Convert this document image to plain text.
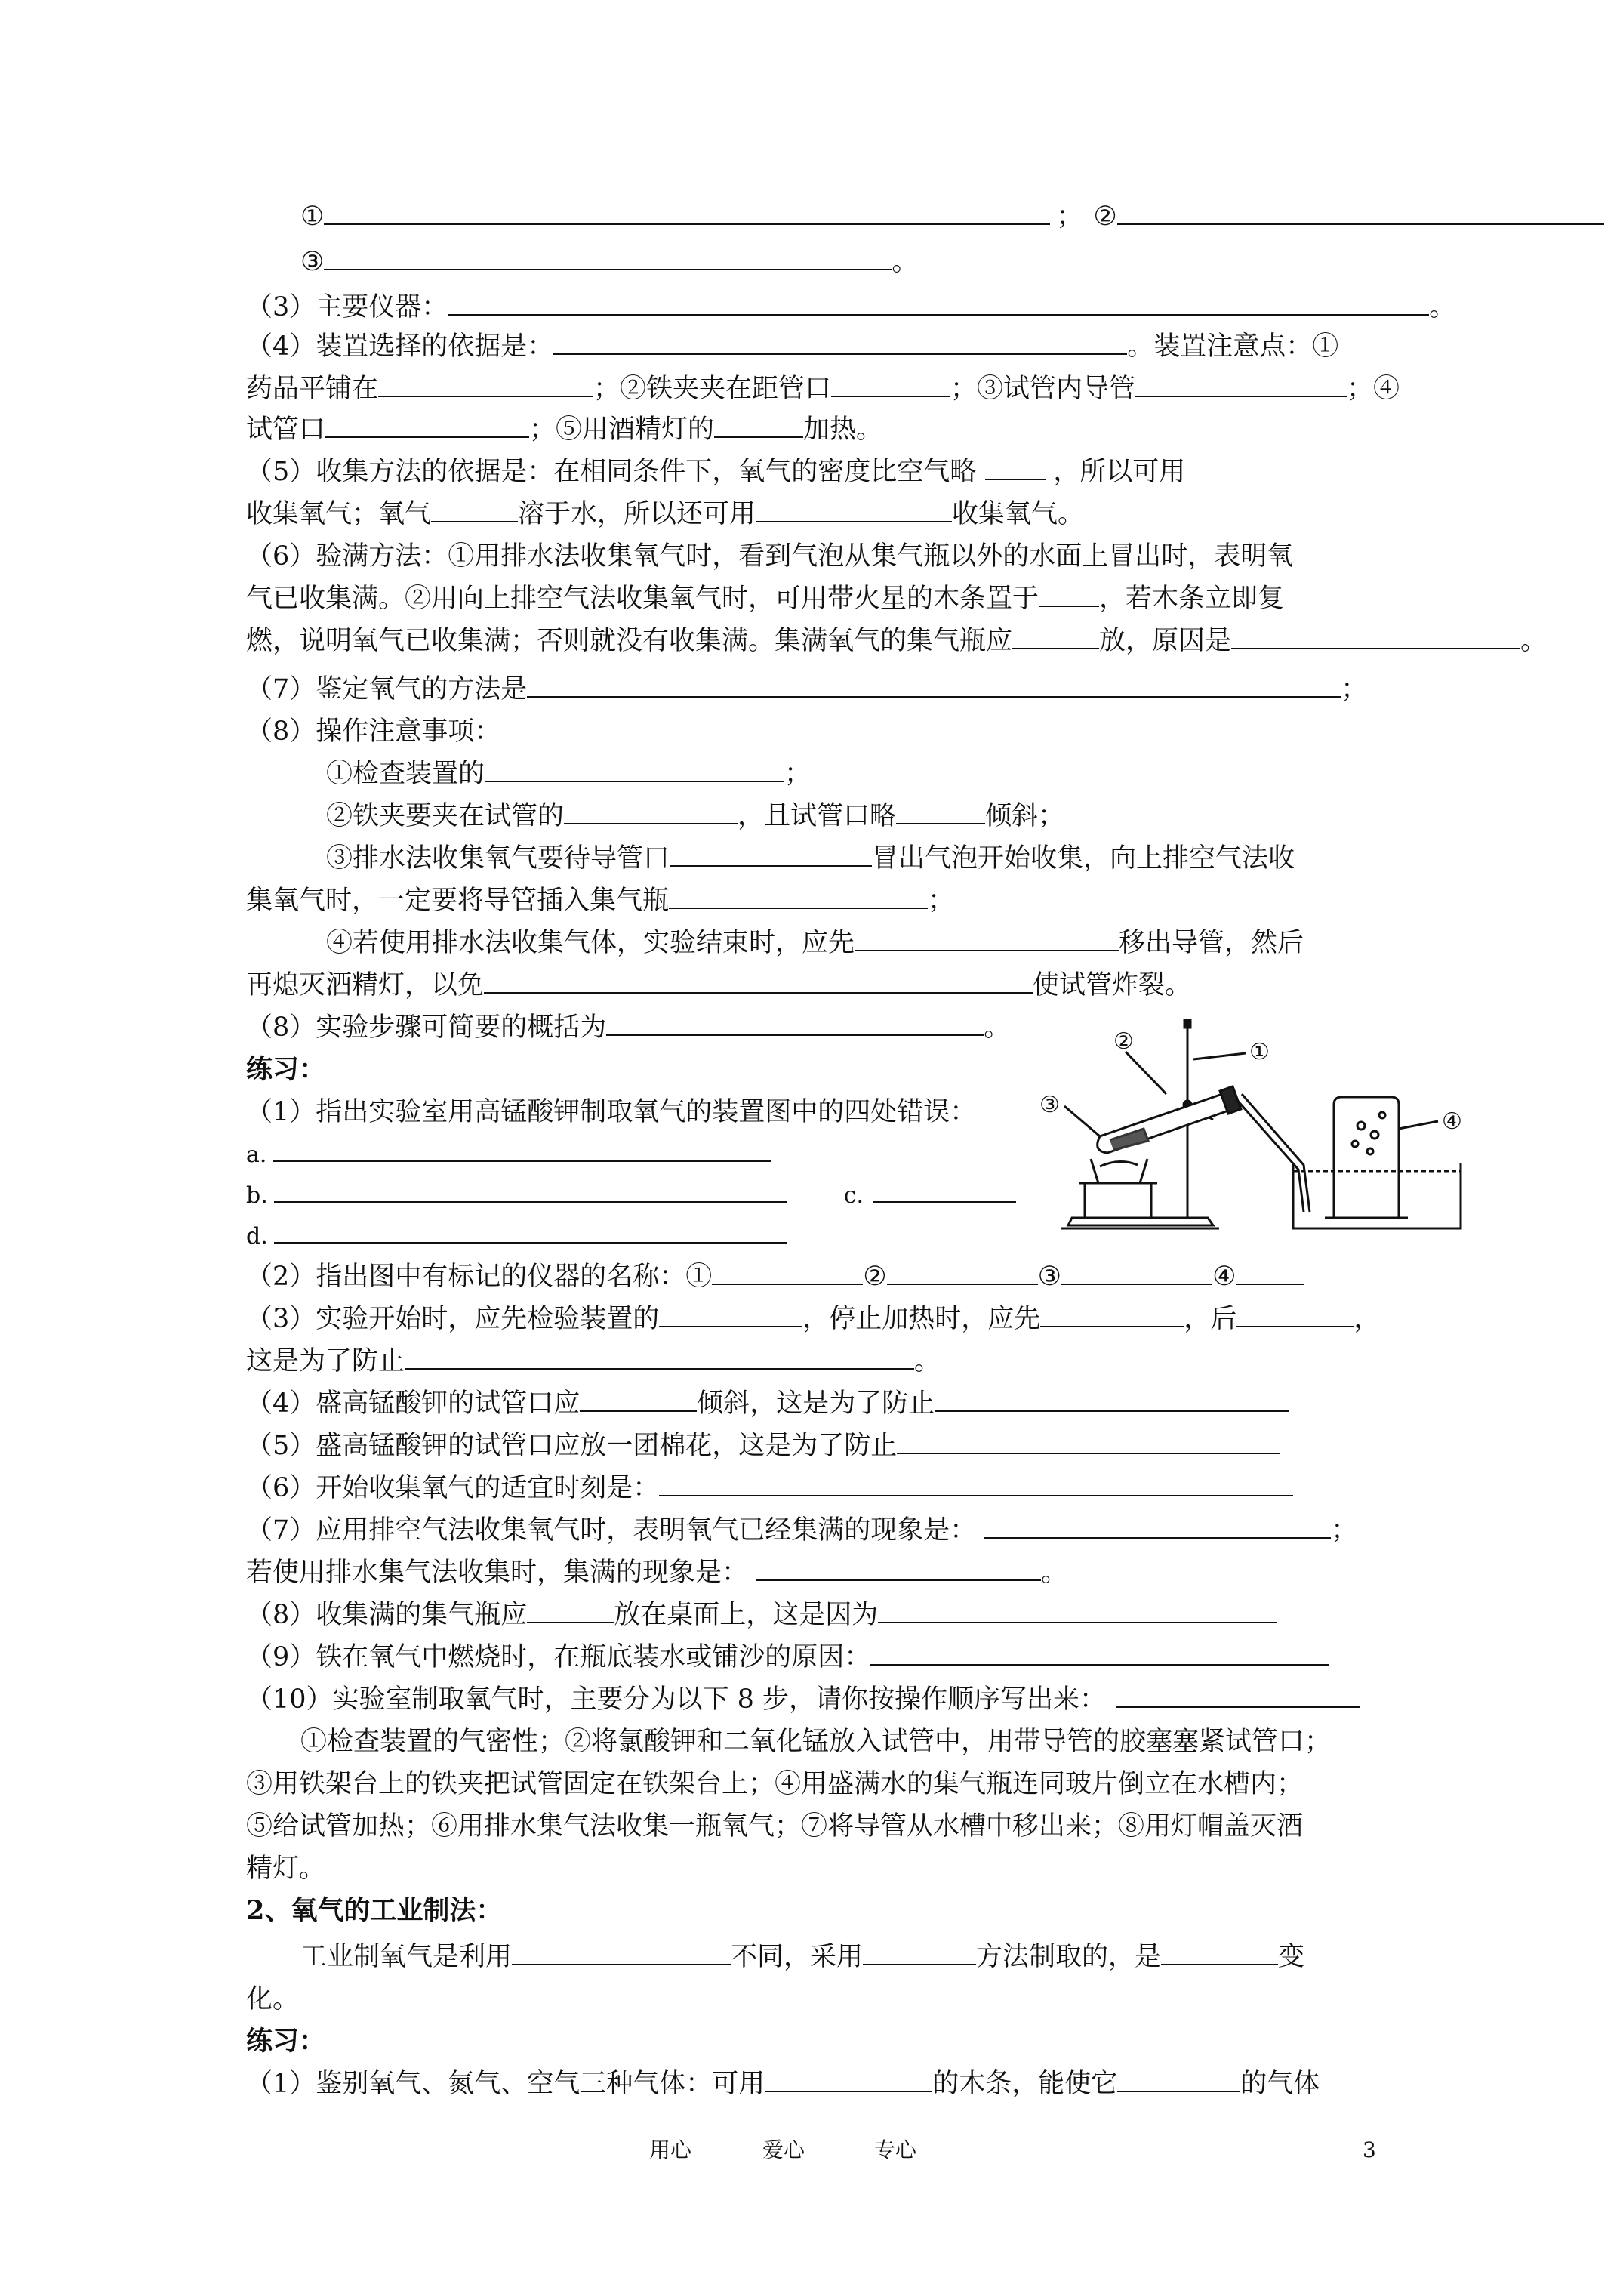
①	； ②
③	。
（3）主要仪器：	。
（4）装置选择的依据是：	。装置注意点：①
药品平铺在	；②铁夹夹在距管口	；③试管内导管	；④
试管口	；⑤用酒精灯的	加热。
（5）收集方法的依据是：在相同条件下，氧气的密度比空气略	，所以可用
收集氧气；氧气	溶于水，所以还可用	收集氧气。
（6）验满方法：①用排水法收集氧气时，看到气泡从集气瓶以外的水面上冒出时，表明氧
气已收集满。②用向上排空气法收集氧气时，可用带火星的木条置于 ，若木条立即复
燃，说明氧气已收集满；否则就没有收集满。集满氧气的集气瓶应	放，原因是	。
（7）鉴定氧气的方法是	；
（8）操作注意事项：
①检查装置的	；
②铁夹要夹在试管的	，且试管口略	倾斜；
③排水法收集氧气要待导管口	冒出气泡开始收集，向上排空气法收
集氧气时，一定要将导管插入集气瓶	；
④若使用排水法收集气体，实验结束时，应先	移出导管，然后
再熄灭酒精灯，以免	使试管炸裂。
（8）实验步骤可简要的概括为	。
练习：
（1）指出实验室用高锰酸钾制取氧气的装置图中的四处错误：
a.
b.	c.
d.
（2）指出图中有标记的仪器的名称：①	②	③	④
（3）实验开始时，应先检验装置的	，停止加热时，应先	，后	，
这是为了防止	。
（4）盛高锰酸钾的试管口应	倾斜，这是为了防止
（5）盛高锰酸钾的试管口应放一团棉花，这是为了防止
（6）开始收集氧气的适宜时刻是：
（7）应用排空气法收集氧气时，表明氧气已经集满的现象是：	；
若使用排水集气法收集时，集满的现象是：	。
（8）收集满的集气瓶应	放在桌面上，这是因为
（9）铁在氧气中燃烧时，在瓶底装水或铺沙的原因：
（10）实验室制取氧气时，主要分为以下 8 步，请你按操作顺序写出来：
①检查装置的气密性；②将氯酸钾和二氧化锰放入试管中，用带导管的胶塞塞紧试管口；
③用铁架台上的铁夹把试管固定在铁架台上；④用盛满水的集气瓶连同玻片倒立在水槽内；
⑤给试管加热；⑥用排水集气法收集一瓶氧气；⑦将导管从水槽中移出来；⑧用灯帽盖灭酒
精灯。
2、氧气的工业制法：
工业制氧气是利用	不同，采用	方法制取的，是	变
化。
练习：
（1）鉴别氧气、氮气、空气三种气体：可用	的木条，能使它	的气体
②	①
③
④
用心	爱心	专心	3
